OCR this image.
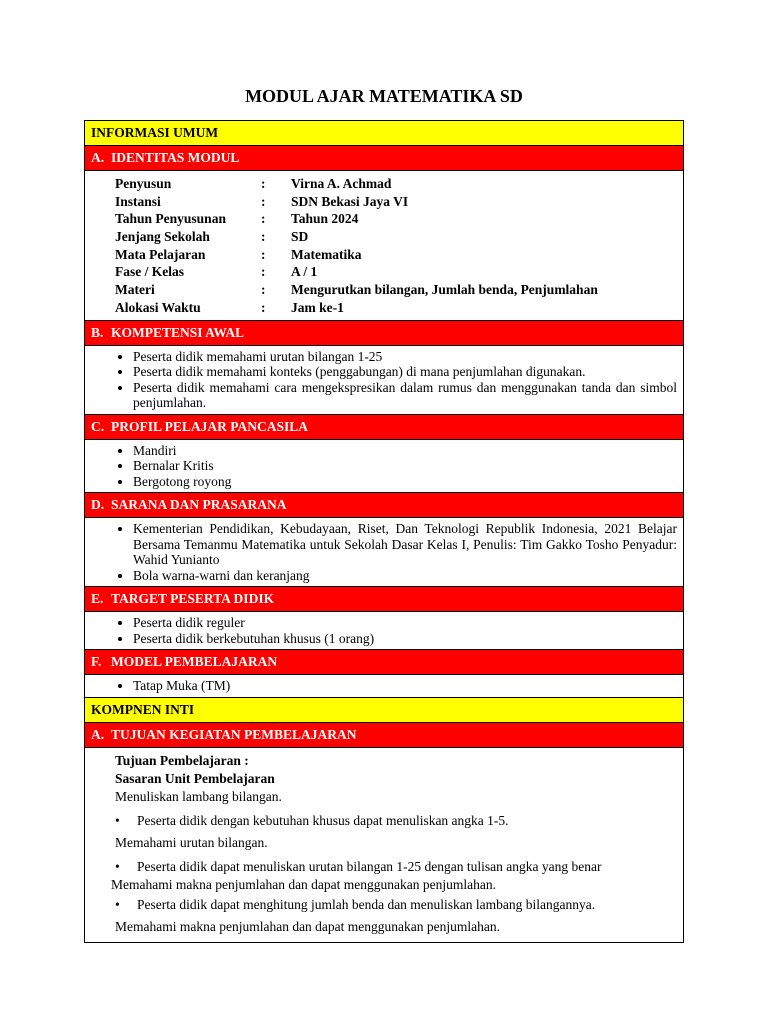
MODUL AJAR MATEMATIKA SD
INFORMASI UMUM
A. IDENTITAS MODUL
Penyusun	:	Virna A. Achmad
Instansi	:	SDN Bekasi Jaya VI
Tahun Penyusunan	:	Tahun 2024
Jenjang Sekolah	:	SD
Mata Pelajaran	:	Matematika
Fase / Kelas	:	A / 1
Materi	:	Mengurutkan bilangan, Jumlah benda, Penjumlahan
Alokasi Waktu	:	Jam ke-1
B. KOMPETENSI AWAL
• Peserta didik memahami urutan bilangan 1-25
• Peserta didik memahami konteks (penggabungan) di mana penjumlahan digunakan.
• Peserta didik memahami cara mengekspresikan dalam rumus dan menggunakan tanda dan simbol penjumlahan.
C. PROFIL PELAJAR PANCASILA
• Mandiri
• Bernalar Kritis
• Bergotong royong
D. SARANA DAN PRASARANA
• Kementerian Pendidikan, Kebudayaan, Riset, Dan Teknologi Republik Indonesia, 2021 Belajar Bersama Temanmu Matematika untuk Sekolah Dasar Kelas I, Penulis: Tim Gakko Tosho Penyadur: Wahid Yunianto
• Bola warna-warni dan keranjang
E. TARGET PESERTA DIDIK
• Peserta didik reguler
• Peserta didik berkebutuhan khusus (1 orang)
F. MODEL PEMBELAJARAN
• Tatap Muka (TM)
KOMPNEN INTI
A. TUJUAN KEGIATAN PEMBELAJARAN
Tujuan Pembelajaran :
Sasaran Unit Pembelajaran
Menuliskan lambang bilangan.
• Peserta didik dengan kebutuhan khusus dapat menuliskan angka 1-5.
Memahami urutan bilangan.
• Peserta didik dapat menuliskan urutan bilangan 1-25 dengan tulisan angka yang benar
Memahami makna penjumlahan dan dapat menggunakan penjumlahan.
• Peserta didik dapat menghitung jumlah benda dan menuliskan lambang bilangannya.
Memahami makna penjumlahan dan dapat menggunakan penjumlahan.
